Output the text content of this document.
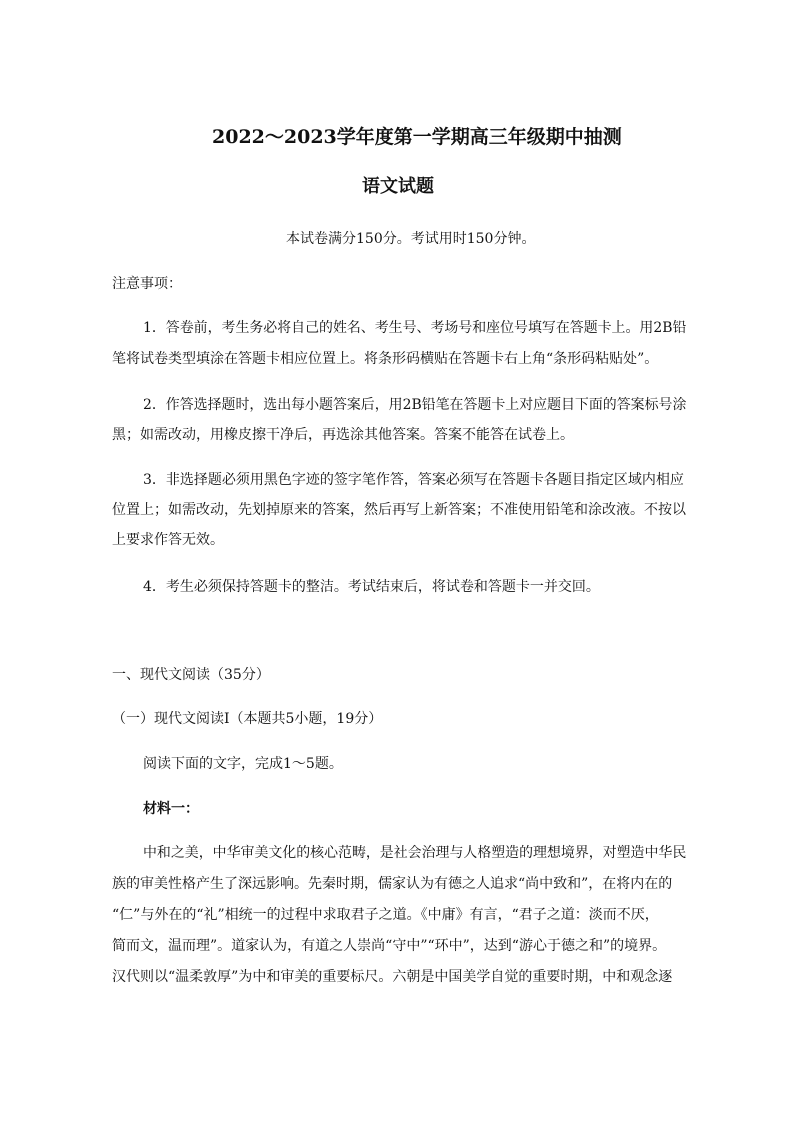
2022～2023学年度第一学期高三年级期中抽测
语文试题
本试卷满分150分。考试用时150分钟。
注意事项：
1．答卷前，考生务必将自己的姓名、考生号、考场号和座位号填写在答题卡上。用2B铅
笔将试卷类型填涂在答题卡相应位置上。将条形码横贴在答题卡右上角“条形码粘贴处”。
2．作答选择题时，选出每小题答案后，用2B铅笔在答题卡上对应题目下面的答案标号涂
黑；如需改动，用橡皮擦干净后，再选涂其他答案。答案不能答在试卷上。
3．非选择题必须用黑色字迹的签字笔作答，答案必须写在答题卡各题目指定区域内相应
位置上；如需改动，先划掉原来的答案，然后再写上新答案；不准使用铅笔和涂改液。不按以
上要求作答无效。
4．考生必须保持答题卡的整洁。考试结束后，将试卷和答题卡一并交回。
一、现代文阅读（35分）
（一）现代文阅读Ⅰ（本题共5小题，19分）
阅读下面的文字，完成1～5题。
材料一：
中和之美，中华审美文化的核心范畴，是社会治理与人格塑造的理想境界，对塑造中华民
族的审美性格产生了深远影响。先秦时期，儒家认为有德之人追求“尚中致和”，在将内在的
“仁”与外在的“礼”相统一的过程中求取君子之道。《中庸》有言，“君子之道：淡而不厌，
简而文，温而理”。道家认为，有道之人崇尚“守中”“环中”，达到“游心于德之和”的境界。
汉代则以“温柔敦厚”为中和审美的重要标尺。六朝是中国美学自觉的重要时期，中和观念逐
